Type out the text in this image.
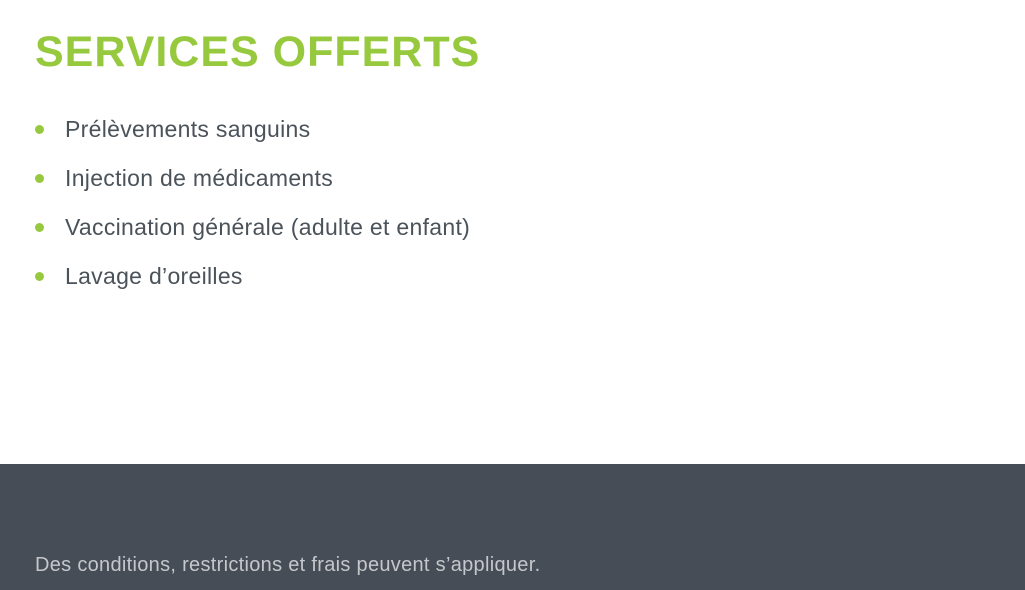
SERVICES OFFERTS
Prélèvements sanguins
Injection de médicaments
Vaccination générale (adulte et enfant)
Lavage d’oreilles

Des conditions, restrictions et frais peuvent s’appliquer.
